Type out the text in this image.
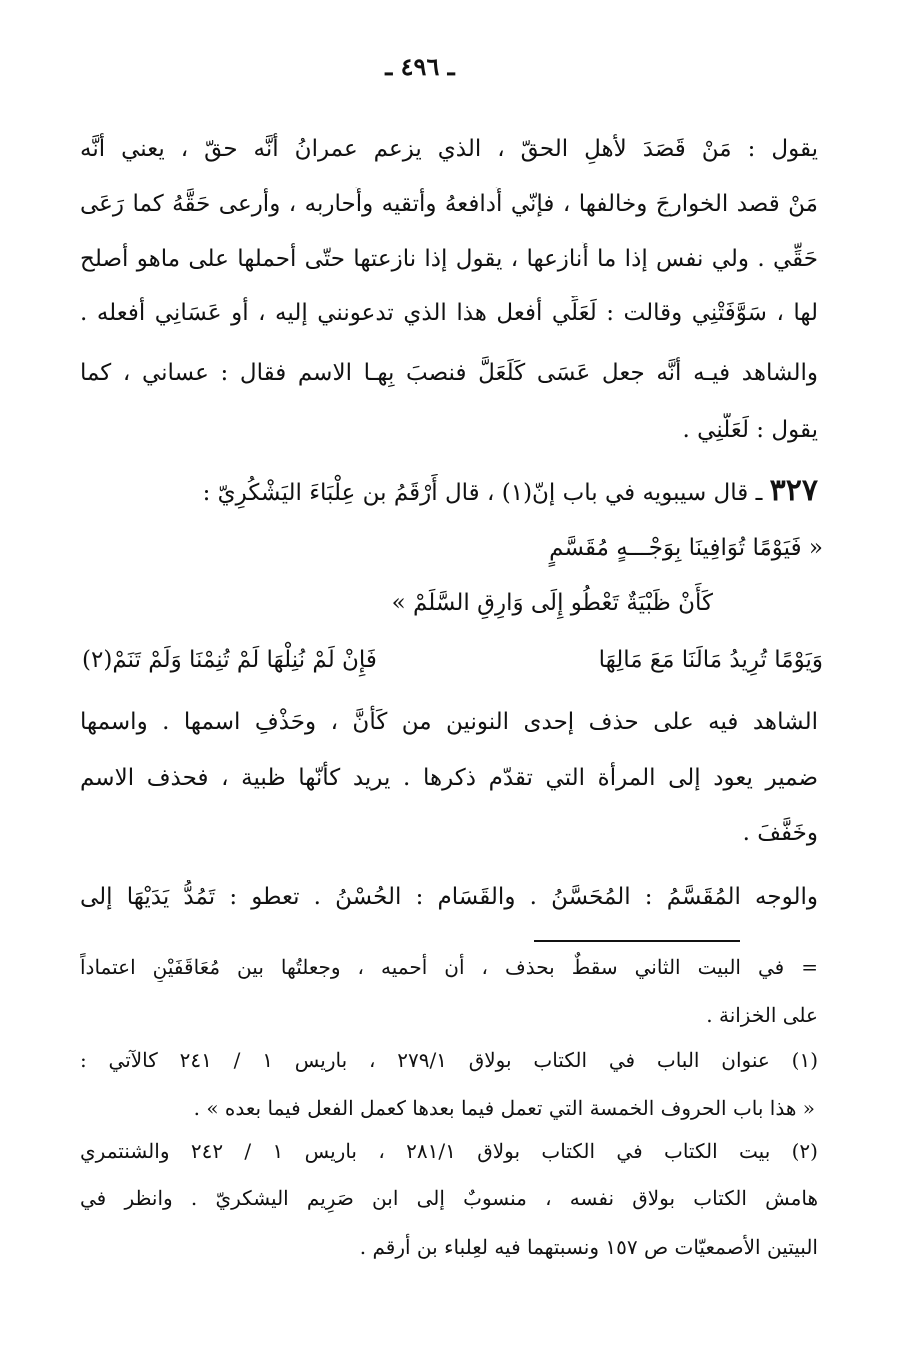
ـ ٤٩٦ ـ
يقول : مَنْ قَصَدَ لأهلِ الحقّ ، الذي يزعم عمرانُ أنَّه حقّ ، يعني أنَّه
مَنْ قصد الخوارجَ وخالفها ، فإنّي أُدافعهُ وأتقيه وأُحاربه ، وأرعى حَقَّهُ كما رَعَى
حَقِّي . ولي نفس إذا ما أُنازعها ، يقول إذا نازعتها حتّى أحملها على ماهو أصلح
لها ، سَوَّفَتْنِي وقالت : لَعَلِّي أفعل هذا الذي تدعونني إليه ، أو عَسَانِي أفعله .
والشاهد فيـه أنَّه جعل عَسَى كَلَعَلَّ فنصبَ بِهـا الاسم فقال : عساني ، كما
يقول : لَعَلَّنِي .
٣٢٧ ـ قال سيبويه في باب إنّ(١) ، قال أَرْقَمُ بن عِلْبَاءَ اليَشْكُرِيّ :
« فَيَوْمًا تُوَافِينَا بِوَجْـــهٍ مُقَسَّمٍ
كَأَنْ ظَبْيَةٌ تَعْطُو إِلَى وَارِقِ السَّلَمْ »
وَيَوْمًا تُرِيدُ مَالَنَا مَعَ مَالِهَا
فَإِنْ لَمْ نُنِلْهَا لَمْ تُنِمْنَا وَلَمْ تَنَمْ(٢)
الشاهد فيه على حذف إحدى النونين من كَأَنَّ ، وحَذْفِ اسمها . واسمها
ضمير يعود إلى المرأة التي تقدّم ذكرها . يريد كأنّها ظبية ، فحذف الاسم
وخَفَّفَ .
والوجه المُقَسَّمُ : المُحَسَّنُ . والقَسَام : الحُسْنُ . تعطو : تَمُدُّ يَدَيْهَا إلى
= في البيت الثاني سقطٌ بحذف ، أن أحميه ، وجعلتُها بين مُعَاقَفَيْنِ اعتماداً
على الخزانة .
(١) عنوان الباب في الكتاب بولاق ٢٧٩/١ ، باريس ١ / ٢٤١ كالآتي :
« هذا باب الحروف الخمسة التي تعمل فيما بعدها كعمل الفعل فيما بعده » .
(٢) بيت الكتاب في الكتاب بولاق ٢٨١/١ ، باريس ١ / ٢٤٢ والشنتمري
هامش الكتاب بولاق نفسه ، منسوبٌ إلى ابن صَرِيم اليشكريّ . وانظر في
البيتين الأصمعيّات ص ١٥٧ ونسبتهما فيه لعِلباء بن أرقم .
